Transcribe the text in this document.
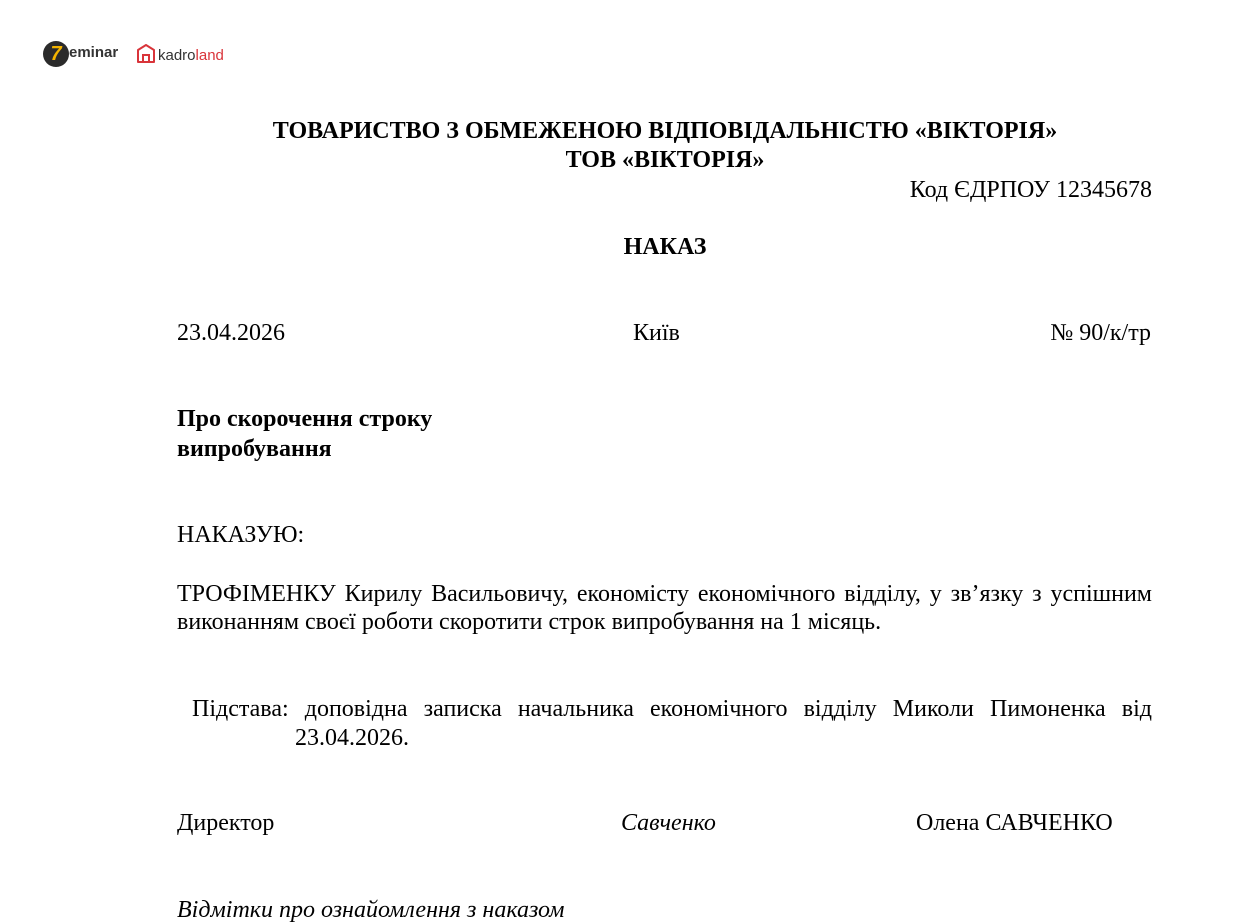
7 eminar	kadroland
ТОВАРИСТВО З ОБМЕЖЕНОЮ ВІДПОВІДАЛЬНІСТЮ «ВІКТОРІЯ»
ТОВ «ВІКТОРІЯ»
Код ЄДРПОУ 12345678
НАКАЗ
23.04.2026	Київ	№ 90/к/тр
Про скорочення строку
випробування
НАКАЗУЮ:
ТРОФІМЕНКУ Кирилу Васильовичу, економісту економічного відділу, у зв’язку з успішним виконанням своєї роботи скоротити строк випробування на 1 місяць.
Підстава: доповідна записка начальника економічного відділу Миколи Пимоненка від
23.04.2026.
Директор	Савченко	Олена САВЧЕНКО
Відмітки про ознайомлення з наказом
